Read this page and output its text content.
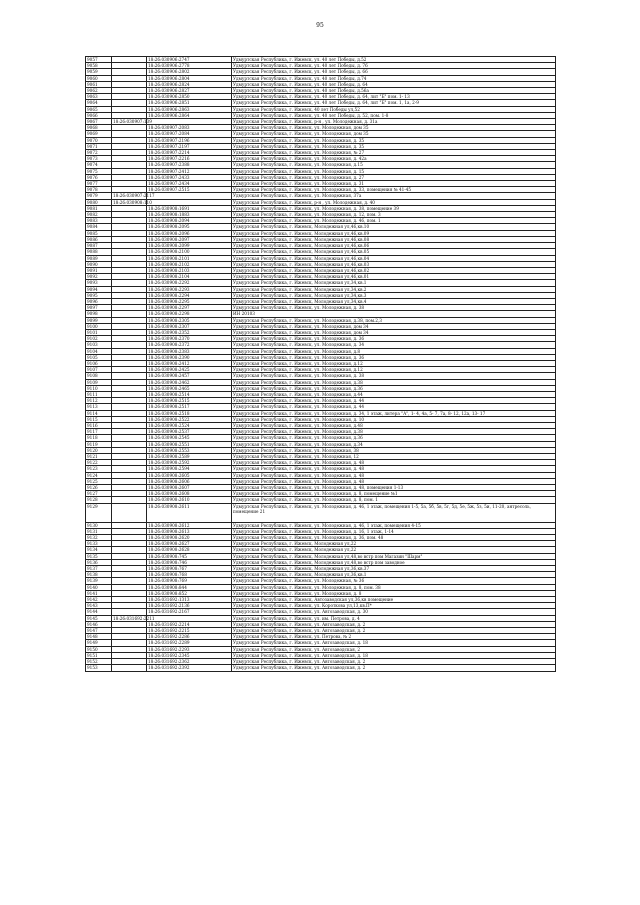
95
9057		18:26:030906:2747	Удмуртская Республика, г. Ижевск, ул. 40 лет Победы, д.52
9058		18:26:030906:2778	Удмуртская Республика, г. Ижевск, ул. 40 лет Победы, д. 76
9059		18:26:030906:2802	Удмуртская Республика, г. Ижевск, ул. 40 лет Победы, д. 66
9060		18:26:030906:2804	Удмуртская Республика, г. Ижевск, ул. 40 лет Победы, д.74
9061		18:26:030906:2824	Удмуртская Республика, г. Ижевск, ул. 40 лет Победы, д. 64
9062		18:26:030906:2827	Удмуртская Республика, г. Ижевск, ул. 40 лет Победы, д.56а
9063		18:26:030906:2850	Удмуртская Республика, г. Ижевск, ул. 40 лет Победы, д. 64, лит "Б" пом. 1- 13
9064		18:26:030906:2851	Удмуртская Республика, г. Ижевск, ул. 40 лет Победы, д. 64, лит "Б" пом. 1, 1а, 2-9
9065		18:26:030906:2863	Удмуртская Республика, г. Ижевск, 40 лет Победы ул,52
9066		18:26:030906:2864	Удмуртская Республика, г. Ижевск, ул. 40 лет Победы, д. 52, пом. 1-8
9067	18:26:030907:139		Удмуртская Республика, г. Ижевск, р-н , ул. Молодежная, д. 31а
9068		18:26:030907:2083	Удмуртская Республика, г. Ижевск, ул. Молодежная, дом 35
9069		18:26:030907:2084	Удмуртская Республика, г. Ижевск, ул. Молодежная, дом 35
9070		18:26:030907:2196	Удмуртская Республика, г. Ижевск, ул. Молодежная, д. 35
9071		18:26:030907:2197	Удмуртская Республика, г. Ижевск, ул. Молодежная, д. 35
9072		18:26:030907:2214	Удмуртская Республика, г. Ижевск, ул. Молодежная, № 27
9073		18:26:030907:2216	Удмуртская Республика, г. Ижевск, ул. Молодежная, д. 42а
9074		18:26:030907:2388	Удмуртская Республика, г. Ижевск, ул. Молодежная, д.15
9075		18:26:030907:2412	Удмуртская Республика, г. Ижевск, ул. Молодежная, д. 15
9076		18:26:030907:2433	Удмуртская Республика, г. Ижевск, ул. Молодежная, д. 27
9077		18:26:030907:2434	Удмуртская Республика, г. Ижевск, ул. Молодежная, д. 31
9078		18:26:030907:2515	Удмуртская Республика, г. Ижевск, ул. Молодежная, д. 33, помещения № 41-45
9079	18:26:030907:2117		Удмуртская Республика, г. Ижевск, ул. Молодежная, 37а
9080	18:26:030908:110		Удмуртская Республика, г. Ижевск, р-н , ул. Молодежная, д. 40
9081		18:26:030908:1691	Удмуртская Республика, г. Ижевск, ул. Молодежная, д. 38, помещение 39
9082		18:26:030908:1883	Удмуртская Республика, г. Ижевск, ул. Молодежная, д. 12, пом. 3
9083		18:26:030908:2094	Удмуртская Республика, г. Ижевск, ул. Молодежная, д. 46, пом. 1
9084		18:26:030908:2095	Удмуртская Республика, г. Ижевск, Молодежная ул,46,кв.10
9085		18:26:030908:2096	Удмуртская Республика, г. Ижевск, Молодежная ул,46,кв.09
9086		18:26:030908:2097	Удмуртская Республика, г. Ижевск, Молодежная ул,46,кв.08
9087		18:26:030908:2099	Удмуртская Республика, г. Ижевск, Молодежная ул,46,кв.06
9088		18:26:030908:2100	Удмуртская Республика, г. Ижевск, Молодежная ул,46,кв.05
9089		18:26:030908:2101	Удмуртская Республика, г. Ижевск, Молодежная ул,46,кв.04
9090		18:26:030908:2102	Удмуртская Республика, г. Ижевск, Молодежная ул,46,кв.03
9091		18:26:030908:2103	Удмуртская Республика, г. Ижевск, Молодежная ул,46,кв.02
9092		18:26:030908:2104	Удмуртская Республика, г. Ижевск, Молодежная ул,46,кв.01
9093		18:26:030908:2292	Удмуртская Республика, г. Ижевск, Молодежная ул,34,кв.1
9094		18:26:030908:2293	Удмуртская Республика, г. Ижевск, Молодежная ул,34,кв.2
9095		18:26:030908:2294	Удмуртская Республика, г. Ижевск, Молодежная ул,34,кв.3
9096		18:26:030908:2295	Удмуртская Республика, г. Ижевск, Молодежная ул,34,кв.4
9097		18:26:030908:2297	Удмуртская Республика, г. Ижевск, ул. Молодежная, д. 38
9098		18:26:030908:2298	ИН 20103
9099		18:26:030908:2305	Удмуртская Республика, г. Ижевск, ул. Молодежная, д.38, пом.2,3
9100		18:26:030908:2307	Удмуртская Республика, г. Ижевск, ул. Молодежная, дом 34
9101		18:26:030908:2352	Удмуртская Республика, г. Ижевск, ул. Молодежная, дом 34
9102		18:26:030908:2370	Удмуртская Республика, г. Ижевск, ул. Молодежная, д. 36
9103		18:26:030908:2372	Удмуртская Республика, г. Ижевск, ул. Молодежная, д. 34
9104		18:26:030908:2383	Удмуртская Республика, г. Ижевск, ул. Молодежная, д.8
9105		18:26:030908:2390	Удмуртская Республика, г. Ижевск, ул. Молодежная, д. 36
9106		18:26:030908:2412	Удмуртская Республика, г. Ижевск, ул. Молодежная, д.12
9107		18:26:030908:2425	Удмуртская Республика, г. Ижевск, ул. Молодежная, д.12
9108		18:26:030908:2457	Удмуртская Республика, г. Ижевск, ул. Молодежная, д. 38
9109		18:26:030908:2462	Удмуртская Республика, г. Ижевск, ул. Молодежная, д.38
9110		18:26:030908:2465	Удмуртская Республика, г. Ижевск, ул. Молодежная, д.36
9111		18:26:030908:2514	Удмуртская Республика, г. Ижевск, ул. Молодежная, д.44
9112		18:26:030908:2515	Удмуртская Республика, г. Ижевск, ул. Молодежная, д. 44
9113		18:26:030908:2517	Удмуртская Республика, г. Ижевск, ул. Молодежная, д. 44
9114		18:26:030908:2518	Удмуртская Республика, г. Ижевск, ул. Молодежная, д. 34, 1 этаж, литера "А", 1- 4, 4а, 5- 7, 7а, 8- 12, 12а, 13- 17
9115		18:26:030908:2522	Удмуртская Республика, г. Ижевск, ул. Молодежная, д. 10
9116		18:26:030908:2524	Удмуртская Республика, г. Ижевск, ул. Молодежная, д.48
9117		18:26:030908:2537	Удмуртская Республика, г. Ижевск, ул. Молодежная, д.38
9118		18:26:030908:2545	Удмуртская Республика, г. Ижевск, ул. Молодежная, д.36
9119		18:26:030908:2551	Удмуртская Республика, г. Ижевск, ул. Молодежная, д.34
9120		18:26:030908:2553	Удмуртская Республика, г. Ижевск, ул. Молодежная, 38
9121		18:26:030908:2589	Удмуртская Республика, г. Ижевск, ул. Молодежная, 12
9122		18:26:030908:2592	Удмуртская Республика, г. Ижевск, ул. Молодежная, д. 48
9123		18:26:030908:2594	Удмуртская Республика, г. Ижевск, ул. Молодежная, д. 48
9124		18:26:030908:2605	Удмуртская Республика, г. Ижевск, ул. Молодежная, д. 48
9125		18:26:030908:2606	Удмуртская Республика, г. Ижевск, ул. Молодежная, д. 48
9126		18:26:030908:2607	Удмуртская Республика, г. Ижевск, ул. Молодежная, д. 48, помещения 1-13
9127		18:26:030908:2608	Удмуртская Республика, г. Ижевск, ул. Молодежная, д. 8, помещение №1
9128		18:26:030908:2610	Удмуртская Республика, г. Ижевск, ул. Молодежная, д. 8, пом. 1
9129		18:26:030908:2611	Удмуртская Республика, г. Ижевск, ул. Молодежная, д. 46, 1 этаж, помещения 1-5, 5а, 5б, 5в, 5г, 5д, 5е, 5ж, 5з, 5и, 11-20, антресоль, помещение 21
9130		18:26:030908:2612	Удмуртская Республика, г. Ижевск, ул. Молодежная, д. 46, 1 этаж, помещения 4-15
9131		18:26:030908:2613	Удмуртская Республика, г. Ижевск, ул. Молодежная, д. 16, 1 этаж, 1-14
9132		18:26:030908:2620	Удмуртская Республика, г. Ижевск, ул. Молодежная, д. 36, пом. 48
9133		18:26:030908:2627	Удмуртская Республика, г. Ижевск, Молодежная ул,22
9134		18:26:030908:2628	Удмуртская Республика, г. Ижевск, Молодежная ул,22
9135		18:26:030908:745	Удмуртская Республика, г. Ижевск, Молодежная ул,48,во встр пом Магазин "Шарм"
9136		18:26:030908:746	Удмуртская Республика, г. Ижевск, Молодежная ул,48,во встр пом заводное
9137		18:26:030908:767	Удмуртская Республика, г. Ижевск, Молодежная ул,36,кв.37
9138		18:26:030908:768	Удмуртская Республика, г. Ижевск, Молодежная ул,36,кв.1
9139		18:26:030908:769	Удмуртская Республика, г. Ижевск, ул. Молодежная, № 36
9140		18:26:030908:844	Удмуртская Республика, г. Ижевск, ул. Молодежная, д. 8, пом. 38
9141		18:26:030908:852	Удмуртская Республика, г. Ижевск, ул. Молодежная, д. 8
9142		18:26:031692:1313	Удмуртская Республика, г. Ижевск, Автозаводская ул,36,кв помещение
9143		18:26:031692:2136	Удмуртская Республика, г. Ижевск, ул. Короткова ул,13,кв.П*
9144		18:26:031692:2167	Удмуртская Республика, г. Ижевск, ул. Автозаводская, д. 30
9145	18:26:031692:2211		Удмуртская Республика, г. Ижевск, ул. им. Петрова, д. 4
9146		18:26:031692:2214	Удмуртская Республика, г. Ижевск, ул. Автозаводская, д. 2
9147		18:26:031692:2215	Удмуртская Республика, г. Ижевск, ул. Автозаводская, д. 2
9148		18:26:031692:2286	Удмуртская Республика, г. Ижевск, ул. Петрова, № 2
9149		18:26:031692:2289	Удмуртская Республика, г. Ижевск, ул. Автозаводская, д. 18
9150		18:26:031692:2293	Удмуртская Республика, г. Ижевск, ул. Автозаводская, 2
9151		18:26:031692:2345	Удмуртская Республика, г. Ижевск, ул. Автозаводская, д. 18
9152		18:26:031692:2362	Удмуртская Республика, г. Ижевск, ул. Автозаводская, д. 2
9153		18:26:031692:2392	Удмуртская Республика, г. Ижевск, ул. Автозаводская, д. 2
